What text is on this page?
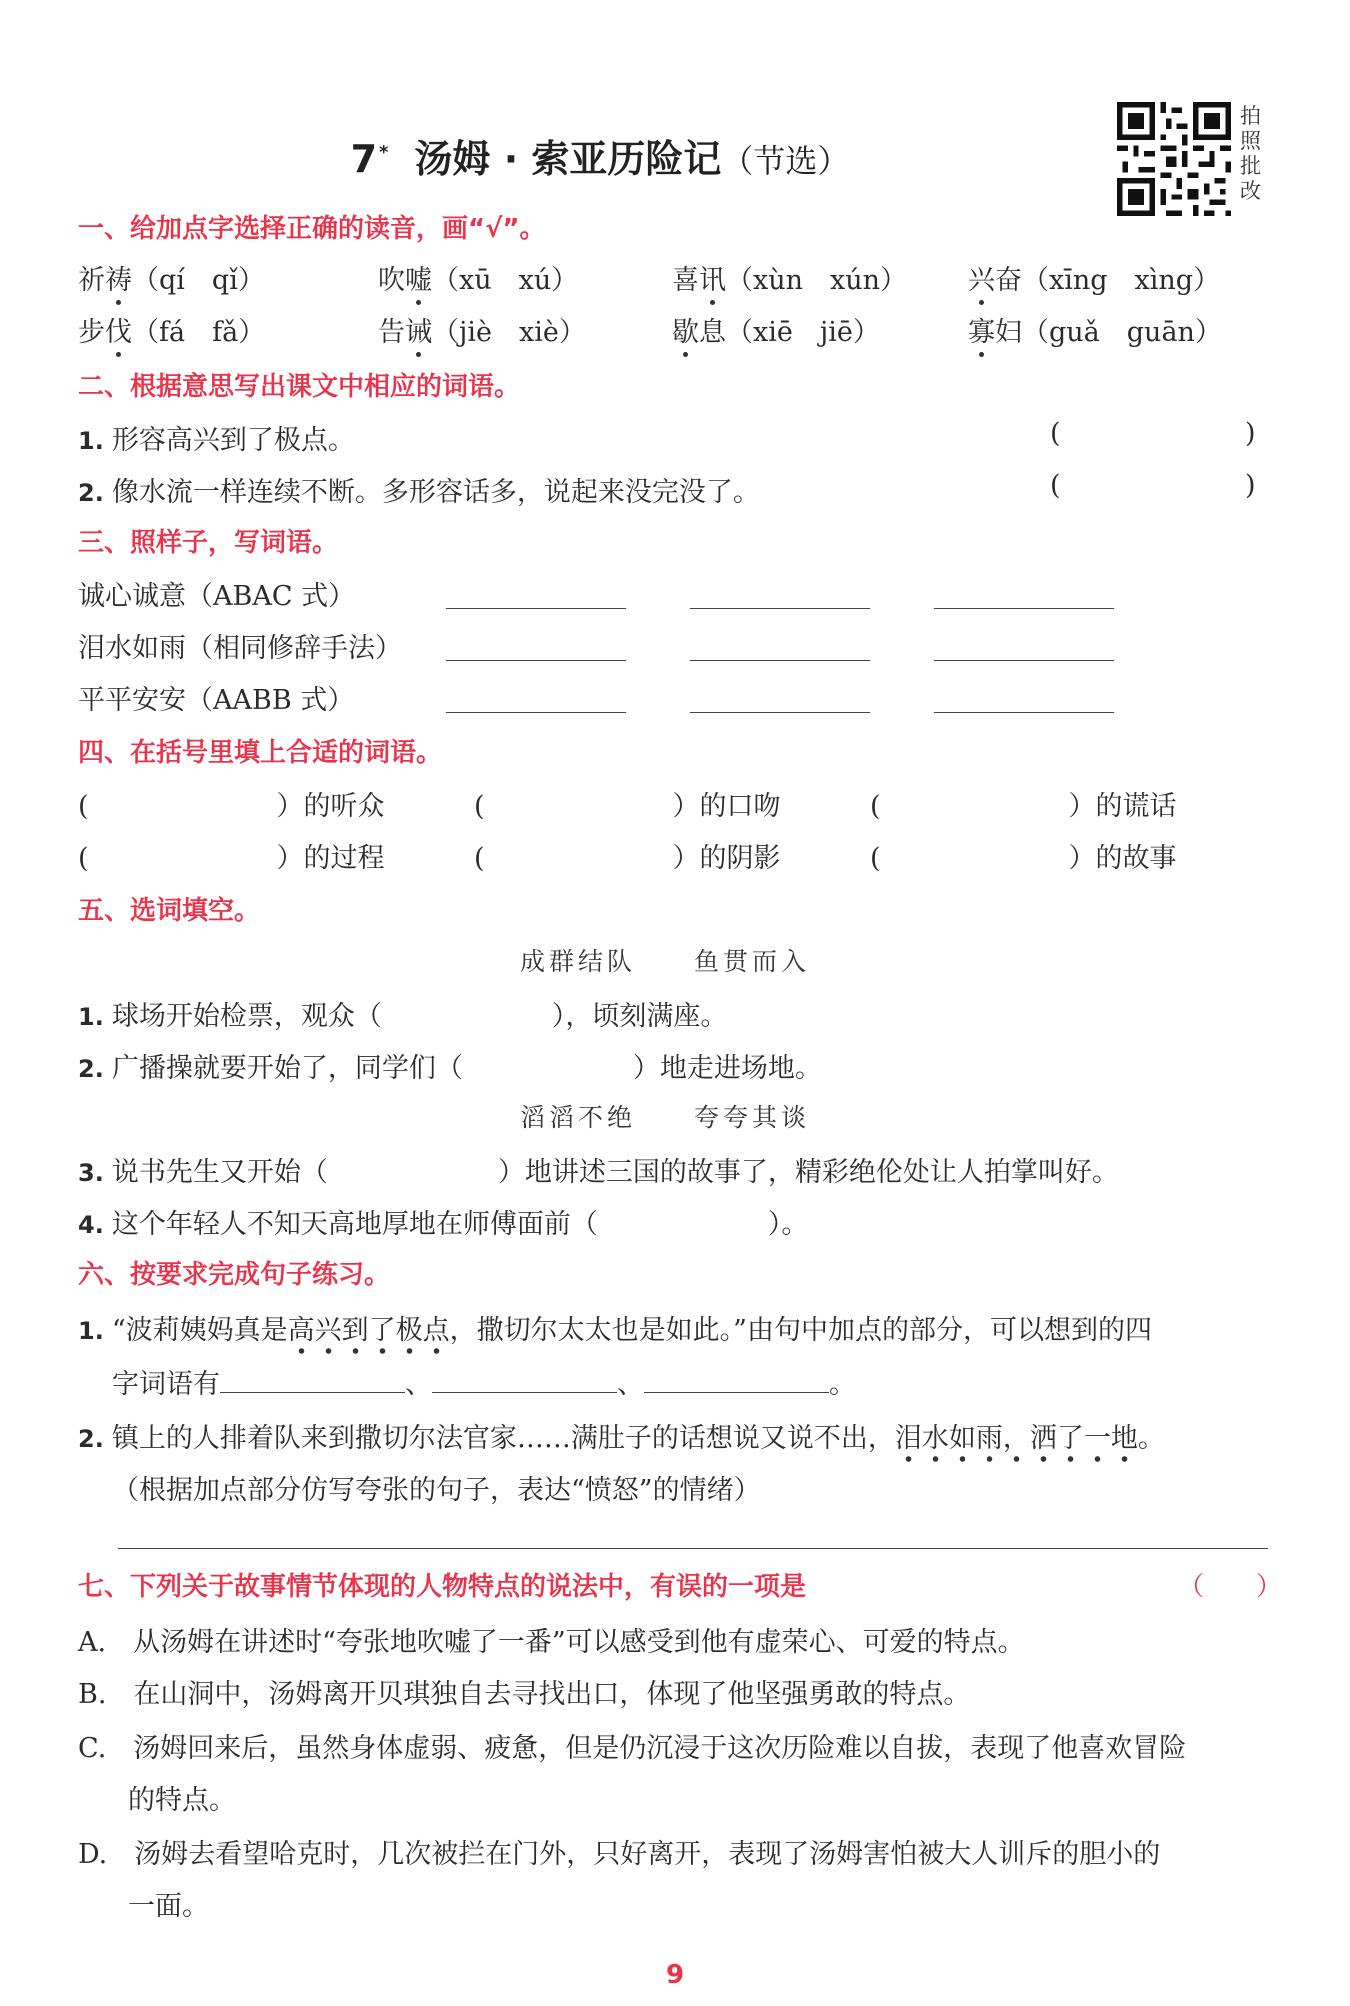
7 * 汤姆 · 索亚历险记（节选）
拍
照
批
改
一、给加点字选择正确的读音，画“√”。
祈祷（qí　qǐ）	吹嘘（xū　xú）	喜讯（xùn　xún） 兴奋（xīng　xìng）
步伐（fá　fǎ）	告诫（jiè　xiè）	歇息（xiē　jiē）	寡妇（guǎ　guān）
二、根据意思写出课文中相应的词语。
1. 形容高兴到了极点。	(	)
2. 像水流一样连续不断。多形容话多，说起来没完没了。	(	)
三、照样子，写词语。
诚心诚意（ABAC 式）
泪水如雨（相同修辞手法）
平平安安（AABB 式）
四、在括号里填上合适的词语。
(	）的听众	(	）的口吻	(	）的谎话
(	）的过程	(	）的阴影	(	）的故事
五、选词填空。
成群结队　　鱼贯而入
1. 球场开始检票，观众（	），顷刻满座。
2. 广播操就要开始了，同学们（	）地走进场地。
滔滔不绝　　夸夸其谈
3. 说书先生又开始（	）地讲述三国的故事了，精彩绝伦处让人拍掌叫好。
4. 这个年轻人不知天高地厚地在师傅面前（	）。
六、按要求完成句子练习。
1. “波莉姨妈真是高兴到了极点，撒切尔太太也是如此。”由句中加点的部分，可以想到的四
字词语有	、	、	。
2. 镇上的人排着队来到撒切尔法官家……满肚子的话想说又说不出，泪水如雨，洒了一地。
（根据加点部分仿写夸张的句子，表达“愤怒”的情绪）
七、下列关于故事情节体现的人物特点的说法中，有误的一项是	（　　）
A.　从汤姆在讲述时“夸张地吹嘘了一番”可以感受到他有虚荣心、可爱的特点。
B.　在山洞中，汤姆离开贝琪独自去寻找出口，体现了他坚强勇敢的特点。
C.　汤姆回来后，虽然身体虚弱、疲惫，但是仍沉浸于这次历险难以自拔，表现了他喜欢冒险
的特点。
D.　汤姆去看望哈克时，几次被拦在门外，只好离开，表现了汤姆害怕被大人训斥的胆小的
一面。
9
